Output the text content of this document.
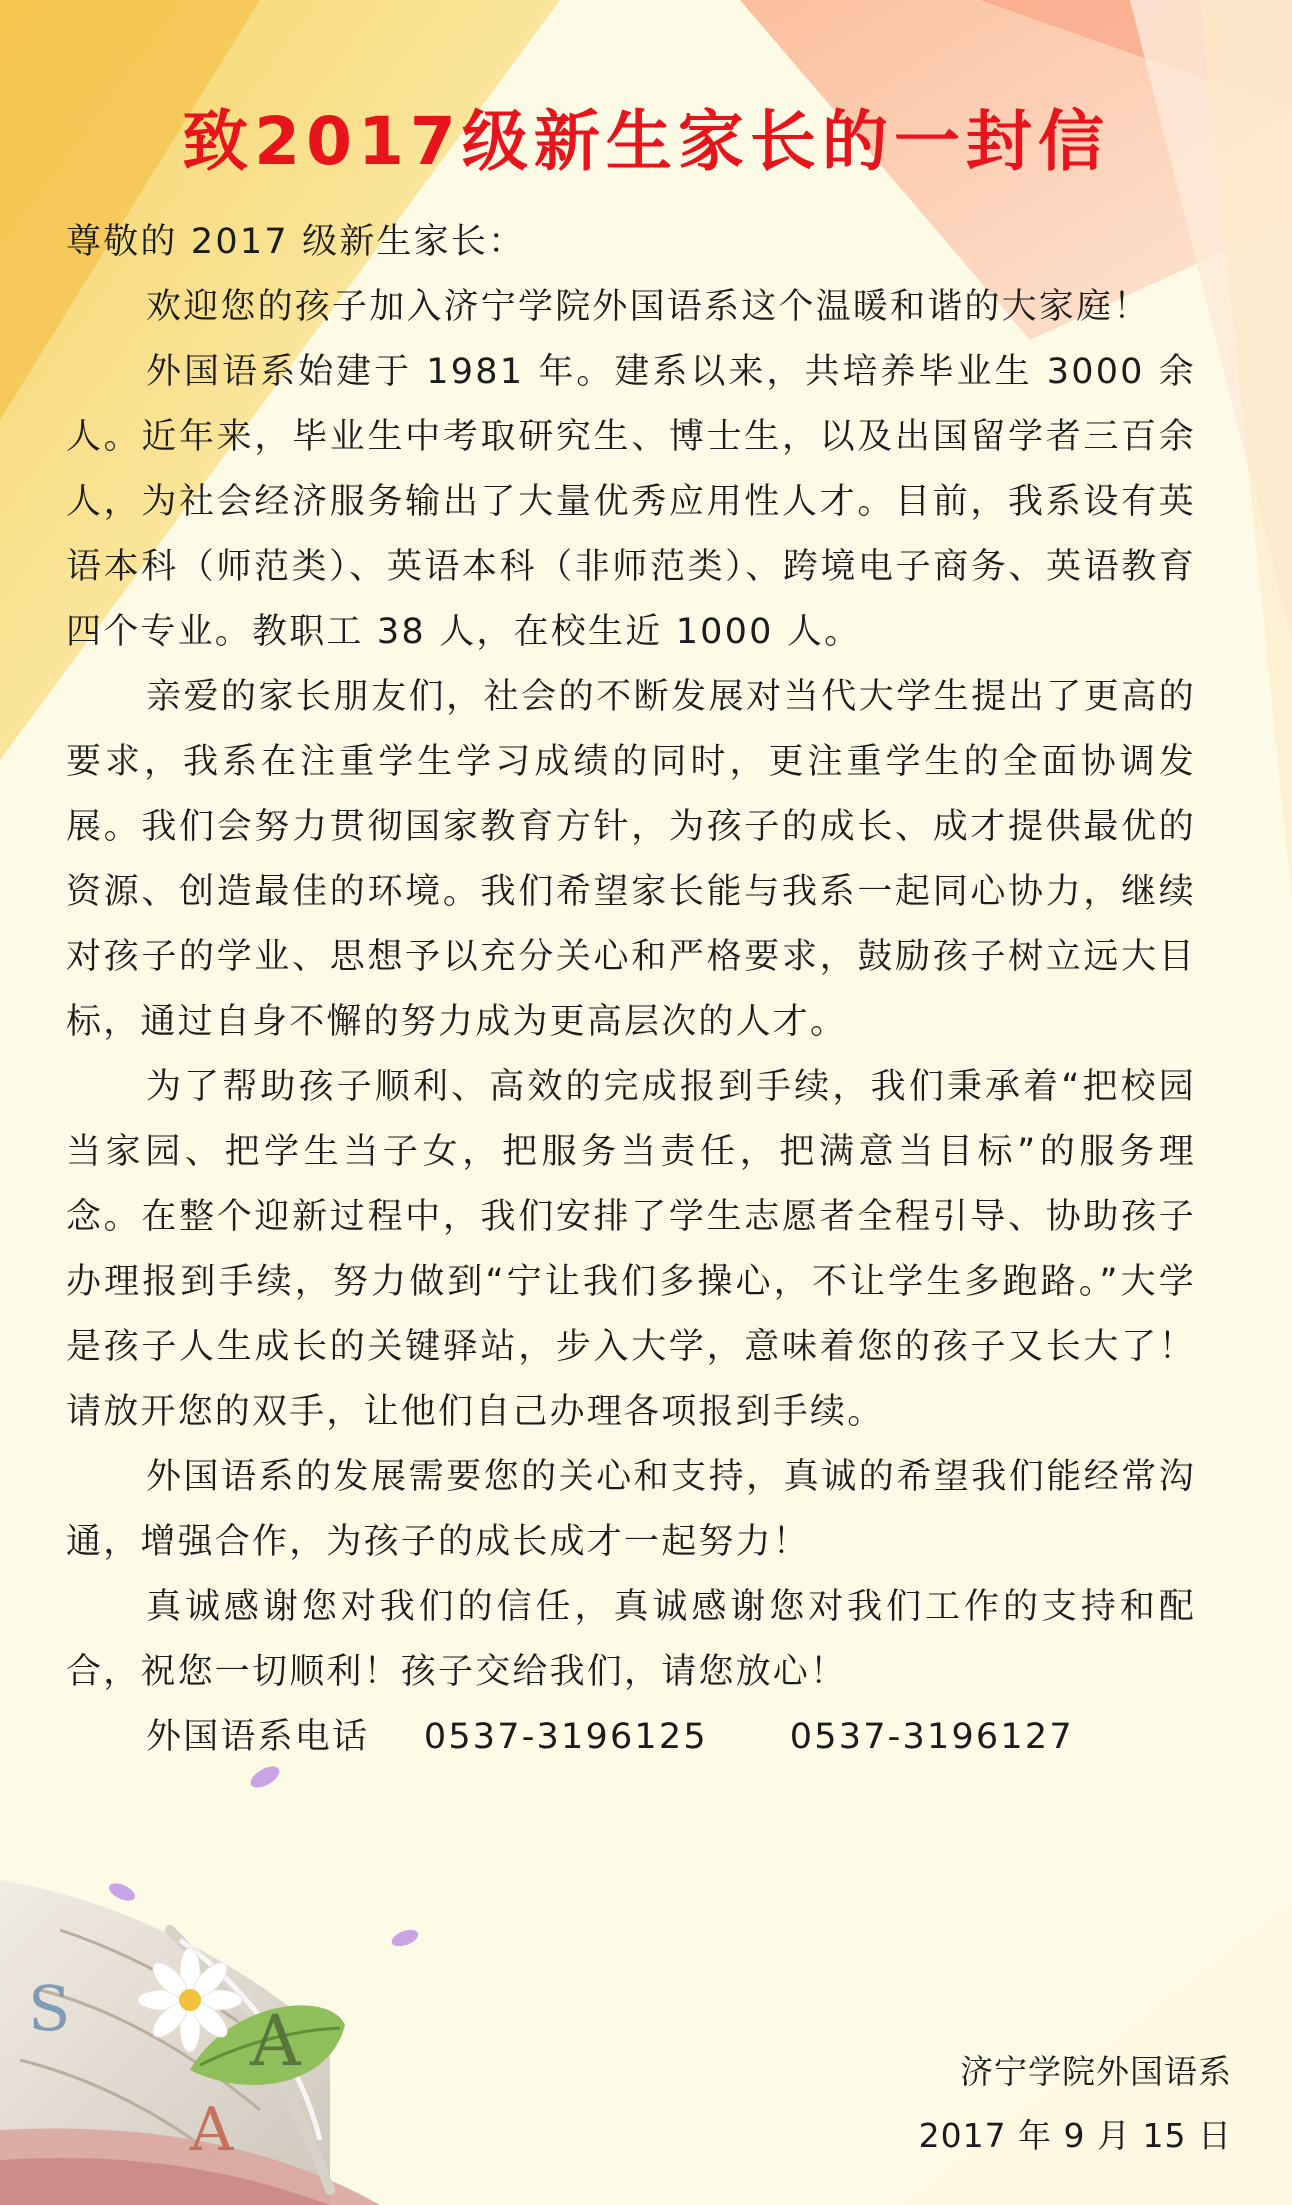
S	A
A
致2017级新生家长的一封信

尊敬的 2017 级新生家长：

欢迎您的孩子加入济宁学院外国语系这个温暖和谐的大家庭！

外国语系始建于 1981 年。建系以来，共培养毕业生 3000 余人。近年来，毕业生中考取研究生、博士生，以及出国留学者三百余人，为社会经济服务输出了大量优秀应用性人才。目前，我系设有英语本科（师范类）、英语本科（非师范类）、跨境电子商务、英语教育四个专业。教职工 38 人，在校生近 1000 人。

亲爱的家长朋友们，社会的不断发展对当代大学生提出了更高的要求，我系在注重学生学习成绩的同时，更注重学生的全面协调发展。我们会努力贯彻国家教育方针，为孩子的成长、成才提供最优的资源、创造最佳的环境。我们希望家长能与我系一起同心协力，继续对孩子的学业、思想予以充分关心和严格要求，鼓励孩子树立远大目标，通过自身不懈的努力成为更高层次的人才。

为了帮助孩子顺利、高效的完成报到手续，我们秉承着“把校园当家园、把学生当子女，把服务当责任，把满意当目标”的服务理念。在整个迎新过程中，我们安排了学生志愿者全程引导、协助孩子办理报到手续，努力做到“宁让我们多操心，不让学生多跑路。”大学是孩子人生成长的关键驿站，步入大学，意味着您的孩子又长大了！请放开您的双手，让他们自己办理各项报到手续。

外国语系的发展需要您的关心和支持，真诚的希望我们能经常沟通，增强合作，为孩子的成长成才一起努力！

真诚感谢您对我们的信任，真诚感谢您对我们工作的支持和配合，祝您一切顺利！孩子交给我们，请您放心！

外国语系电话  0537-3196125   0537-3196127

济宁学院外国语系
2017 年 9 月 15 日
